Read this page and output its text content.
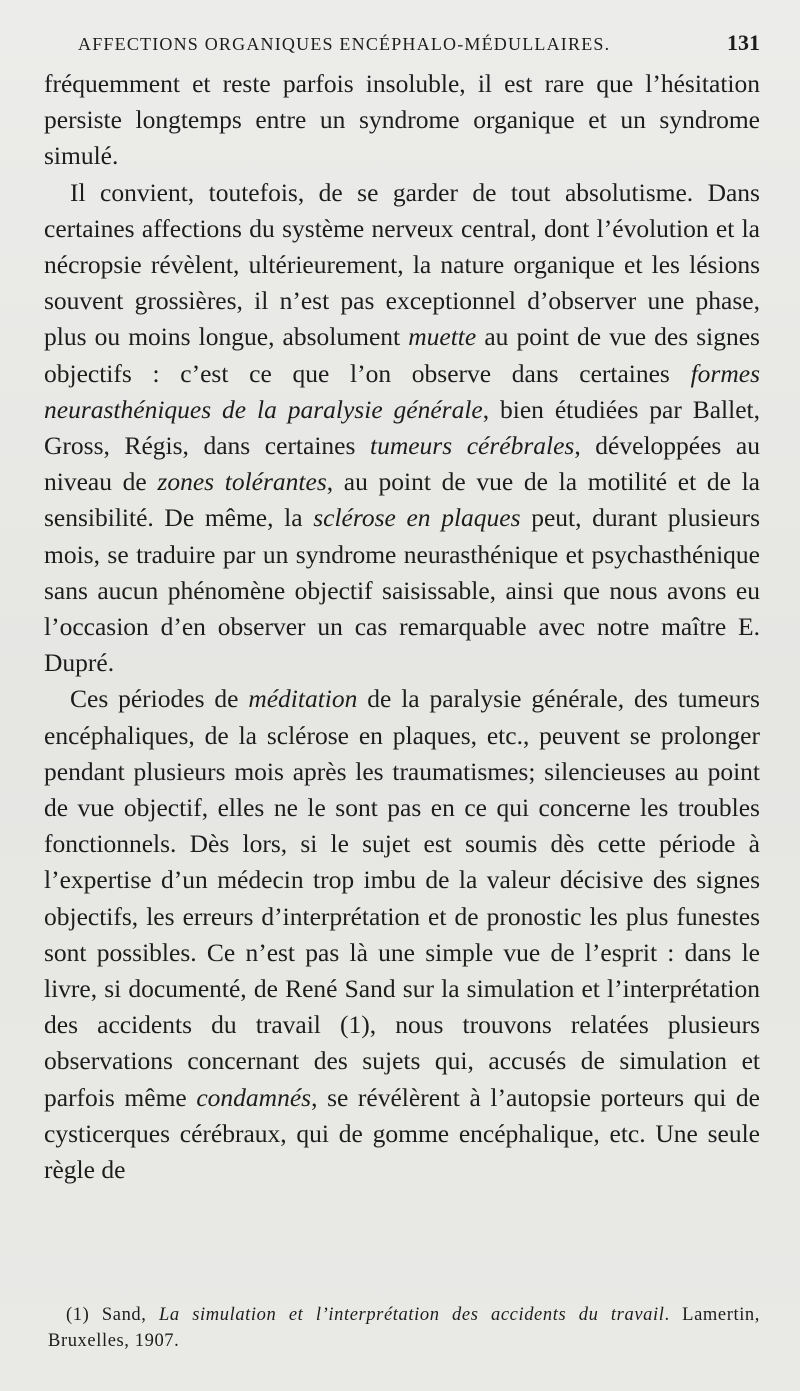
AFFECTIONS ORGANIQUES ENCÉPHALO-MÉDULLAIRES.	131

fréquemment et reste parfois insoluble, il est rare que l’hésitation persiste longtemps entre un syndrome organique et un syndrome simulé.

Il convient, toutefois, de se garder de tout absolutisme. Dans certaines affections du système nerveux central, dont l’évolution et la nécropsie révèlent, ultérieurement, la nature organique et les lésions souvent grossières, il n’est pas exceptionnel d’observer une phase, plus ou moins longue, absolument muette au point de vue des signes objectifs : c’est ce que l’on observe dans certaines formes neurasthéniques de la paralysie générale, bien étudiées par Ballet, Gross, Régis, dans certaines tumeurs cérébrales, développées au niveau de zones tolérantes, au point de vue de la motilité et de la sensibilité. De même, la sclérose en plaques peut, durant plusieurs mois, se traduire par un syndrome neurasthénique et psychasthénique sans aucun phénomène objectif saisissable, ainsi que nous avons eu l’occasion d’en observer un cas remarquable avec notre maître E. Dupré.

Ces périodes de méditation de la paralysie générale, des tumeurs encéphaliques, de la sclérose en plaques, etc., peuvent se prolonger pendant plusieurs mois après les traumatismes; silencieuses au point de vue objectif, elles ne le sont pas en ce qui concerne les troubles fonctionnels. Dès lors, si le sujet est soumis dès cette période à l’expertise d’un médecin trop imbu de la valeur décisive des signes objectifs, les erreurs d’interprétation et de pronostic les plus funestes sont possibles. Ce n’est pas là une simple vue de l’esprit : dans le livre, si documenté, de René Sand sur la simulation et l’interprétation des accidents du travail (1), nous trouvons relatées plusieurs observations concernant des sujets qui, accusés de simulation et parfois même condamnés, se révélèrent à l’autopsie porteurs qui de cysticerques cérébraux, qui de gomme encéphalique, etc. Une seule règle de

(1) Sand, La simulation et l’interprétation des accidents du travail. Lamertin, Bruxelles, 1907.
